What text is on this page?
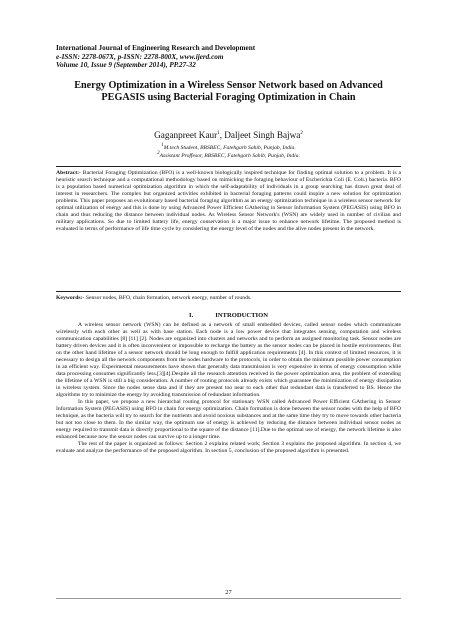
International Journal of Engineering Research and Development
e-ISSN: 2278-067X, p-ISSN: 2278-800X, www.ijerd.com
Volume 10, Issue 9 (September 2014), PP.27-32
Energy Optimization in a Wireless Sensor Network based on Advanced PEGASIS using Bacterial Foraging Optimization in Chain
Gaganpreet Kaur$^1$, Daljeet Singh Bajwa$^2$
$^1$M.tech Student, BBSBEC, Fatehgarh Sahib, Punjab, India.
$^2$Assistant Proffesor, BBSBEC, Fatehgarh Sahib, Punjab, India.
Abstract:- Bacterial Foraging Optimization (BFO) is a well-known biologically inspired technique for finding optimal solution to a problem. It is a heuristic search technique and a computational methodology based on mimicking the foraging behaviour of Escherichia Coli (E. Coli.) bacteria. BFO is a population based numerical optimization algorithm in which the self-adaptability of individuals in a group searching has drawn great deal of interest in researchers. The complex but organized activities exhibited in bacterial foraging patterns could inspire a new solution for optimization problems. This paper proposes an evolutionary based bacterial foraging algorithm as an energy optimization technique in a wireless sensor network for optimal utilization of energy and this is done by using Advanced Power Efficient GAthering in Sensor Information System (PEGASIS) using BFO in chain and thus reducing the distance between individual nodes. As Wireless Sensor Network's (WSN) are widely used in number of civilian and military applications. So due to limited battery life, energy conservation is a major issue to enhance network lifetime. The proposed method is evaluated in terms of performance of life time cycle by considering the energy level of the nodes and the alive nodes present in the network.
Keywords:- Sensor nodes, BFO, chain formation, network energy, number of rounds.
I.	INTRODUCTION

A wireless sensor network (WSN) can be defined as a network of small embedded devices, called sensor nodes which communicate wirelessly with each other as well as with base station. Each node is a low power device that integrates sensing, computation and wireless communication capabilities [8] [11] [2]. Nodes are organized into clusters and networks and to perform an assigned monitoring task. Sensor nodes are battery driven devices and it is often inconvenient or impossible to recharge the battery as the sensor nodes can be placed in hostile environments. But on the other hand lifetime of a sensor network should be long enough to fulfill application requirements [4]. In this context of limited resources, it is necessary to design all the network components from the nodes hardware to the protocols, in order to obtain the minimum possible power consumption in an efficient way. Experimental measurements have shown that generally data transmission is very expensive in terms of energy consumption while data processing consumes significantly less.[3][4].Despite all the research attention received in the power optimization area, the problem of extending the lifetime of a WSN is still a big consideration. A number of routing protocols already exists which guarantee the minimization of energy dissipation in wireless system. Since the nodes sense data and if they are present too near to each other that redundant data is transferred to BS. Hence the algorithms try to minimize the energy by avoiding transmission of redundant information.

In this paper, we propose a new hierarchal routing protocol for stationary WSN called Advanced Power Efficient GAthering in Sensor Information System (PEGASIS) using BFO in chain for energy optimization. Chain formation is done between the sensor nodes with the help of BFO technique, as the bacteria will try to search for the nutrients and avoid noxious substances and at the same time they try to move towards other bacteria but not too close to them. In the similar way, the optimum use of energy is achieved by reducing the distance between individual sensor nodes as energy required to transmit data is directly proportional to the square of the distance [11].Due to the optimal use of energy, the network lifetime is also enhanced because now the sensor nodes can survive up to a longer time.

The rest of the paper is organized as follows: Section 2 explains related work; Section 3 explains the proposed algorithm. In section 4, we evaluate and analyze the performance of the proposed algorithm. In section 5, conclusion of the proposed algorithm is presented.

27
